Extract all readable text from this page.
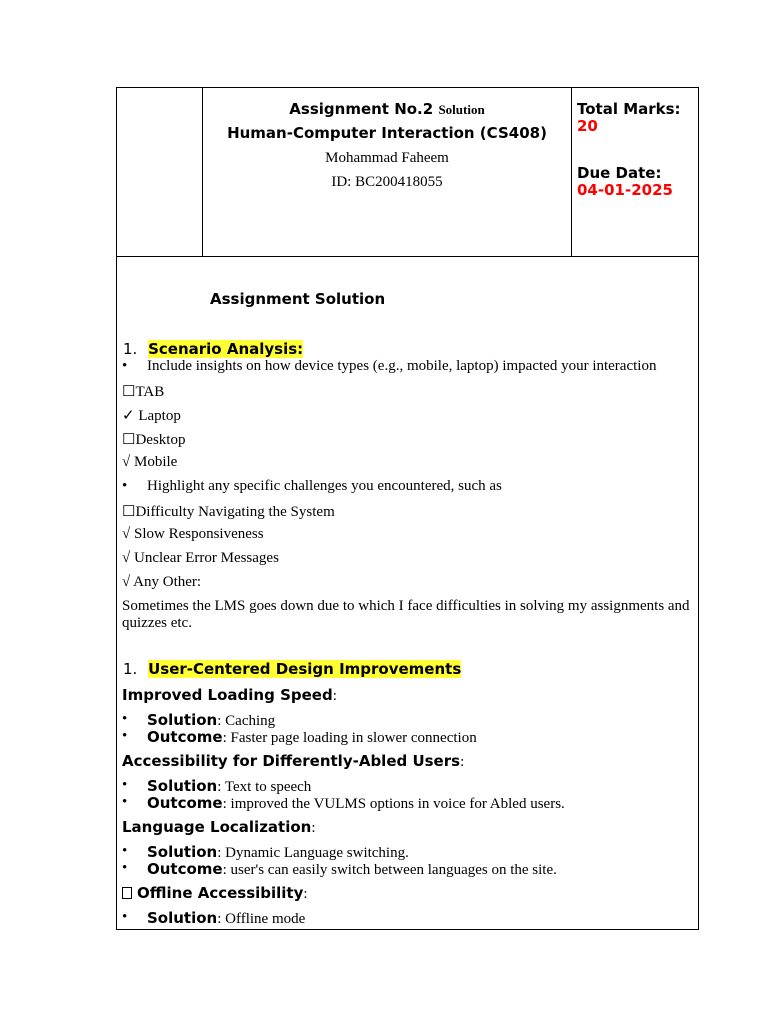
Assignment No.2 Solution
Human-Computer Interaction (CS408)
Mohammad Faheem
ID: BC200418055
Total Marks:
20
Due Date:
04-01-2025
Assignment Solution
1. Scenario Analysis:
• Include insights on how device types (e.g., mobile, laptop) impacted your interaction
☐TAB
✓ Laptop
☐Desktop
√ Mobile
• Highlight any specific challenges you encountered, such as
☐Difficulty Navigating the System
√ Slow Responsiveness
√ Unclear Error Messages
√ Any Other:
Sometimes the LMS goes down due to which I face difficulties in solving my assignments and quizzes etc.
1. User-Centered Design Improvements
Improved Loading Speed:
• Solution: Caching
• Outcome: Faster page loading in slower connection
Accessibility for Differently-Abled Users:
• Solution: Text to speech
• Outcome: improved the VULMS options in voice for Abled users.
Language Localization:
• Solution: Dynamic Language switching.
• Outcome: user's can easily switch between languages on the site.
Offline Accessibility:
• Solution: Offline mode
